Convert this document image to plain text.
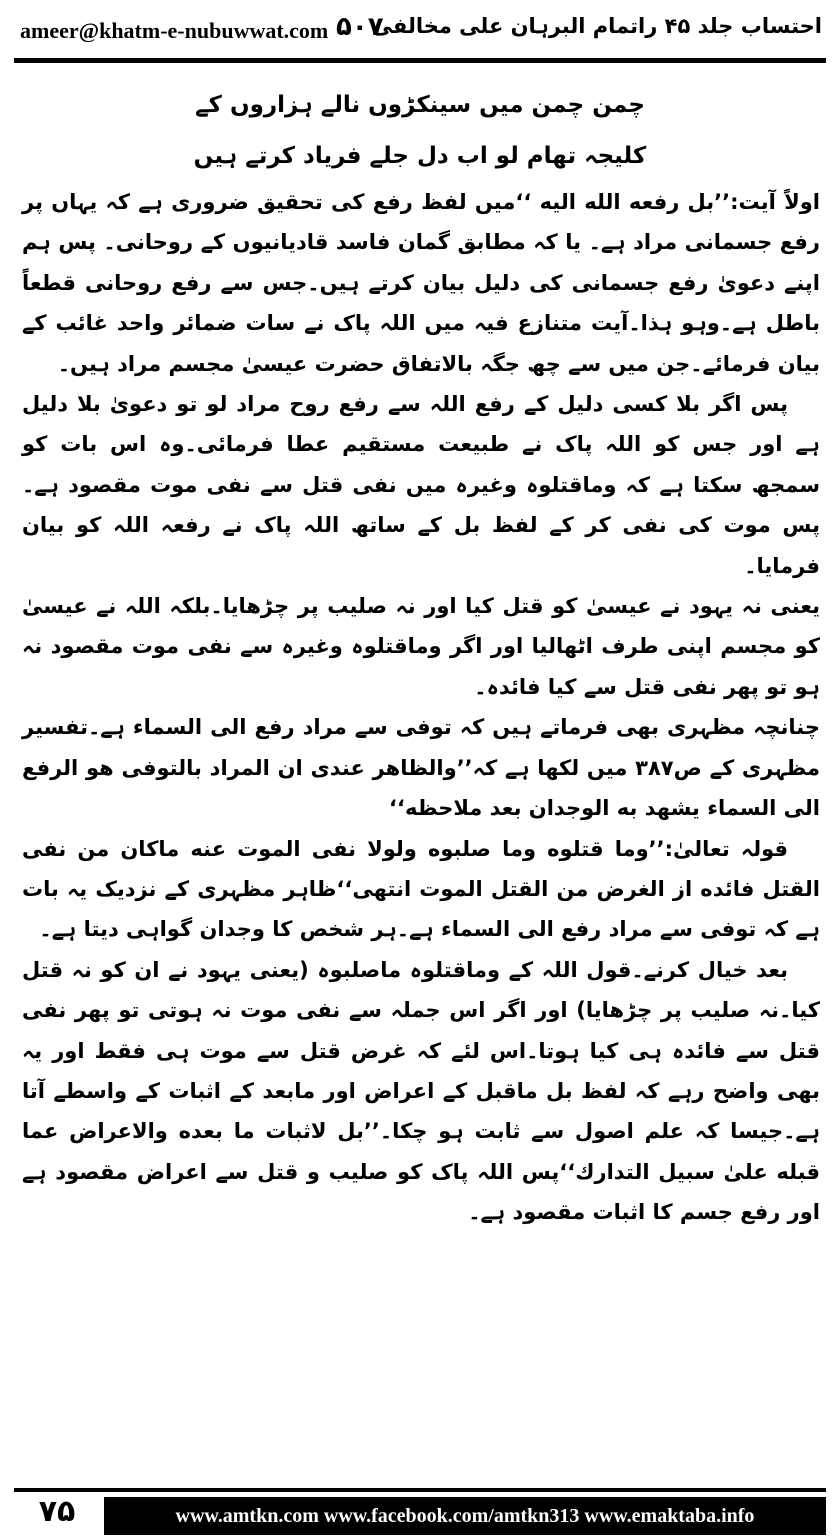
ameer@khatm-e-nubuwwat.com ۵۰۷
احتساب جلد ۴۵ راتمام البرہان علی مخالفی
چمن چمن میں سینکڑوں نالے ہزاروں کے
کلیجہ تھام لو اب دل جلے فریاد کرتے ہیں

اولاً آیت:’’بل رفعه الله اليه ‘‘میں لفظ رفع کی تحقیق ضروری ہے کہ یہاں پر رفع جسمانی مراد ہے۔ یا کہ مطابق گمان فاسد قادیانیوں کے روحانی۔ پس ہم اپنے دعویٰ رفع جسمانی کی دلیل بیان کرتے ہیں۔جس سے رفع روحانی قطعاً باطل ہے۔وہو ہذا۔آیت متنازع فیہ میں اللہ پاک نے سات ضمائر واحد غائب کے بیان فرمائے۔جن میں سے چھ جگہ بالاتفاق حضرت عیسیٰ مجسم مراد ہیں۔

پس اگر بلا کسی دلیل کے رفع اللہ سے رفع روح مراد لو تو دعویٰ بلا دلیل ہے اور جس کو اللہ پاک نے طبیعت مستقیم عطا فرمائی۔وہ اس بات کو سمجھ سکتا ہے کہ وماقتلوہ وغیرہ میں نفی قتل سے نفی موت مقصود ہے۔پس موت کی نفی کر کے لفظ بل کے ساتھ اللہ پاک نے رفعہ اللہ کو بیان فرمایا۔

یعنی نہ یہود نے عیسیٰ کو قتل کیا اور نہ صلیب پر چڑھایا۔بلکہ اللہ نے عیسیٰ کو مجسم اپنی طرف اٹھالیا اور اگر وماقتلوہ وغیرہ سے نفی موت مقصود نہ ہو تو پھر نفی قتل سے کیا فائدہ۔

چنانچہ مظہری بھی فرماتے ہیں کہ توفی سے مراد رفع الی السماء ہے۔تفسیر مظہری کے ص۳۸۷ میں لکھا ہے کہ’’والظاهر عندى ان المراد بالتوفى هو الرفع الى السماء يشهد به الوجدان بعد ملاحظه‘‘

قولہ تعالیٰ:’’وما قتلوه وما صلبوه ولولا نفى الموت عنه ماكان من نفى القتل فائده از الغرض من القتل الموت انتهى‘‘ظاہر مظہری کے نزدیک یہ بات ہے کہ توفی سے مراد رفع الی السماء ہے۔ہر شخص کا وجدان گواہی دیتا ہے۔

بعد خیال کرنے۔قول اللہ کے وماقتلوہ ماصلبوہ (یعنی یہود نے ان کو نہ قتل کیا۔نہ صلیب پر چڑھایا) اور اگر اس جملہ سے نفی موت نہ ہوتی تو پھر نفی قتل سے فائدہ ہی کیا ہوتا۔اس لئے کہ غرض قتل سے موت ہی فقط اور یہ بھی واضح رہے کہ لفظ بل ماقبل کے اعراض اور مابعد کے اثبات کے واسطے آتا ہے۔جیسا کہ علم اصول سے ثابت ہو چکا۔’’بل لاثبات ما بعده والاعراض عما قبله علىٰ سبيل التدارك‘‘پس اللہ پاک کو صلیب و قتل سے اعراض مقصود ہے اور رفع جسم کا اثبات مقصود ہے۔

۷۵	www.amtkn.com www.facebook.com/amtkn313 www.emaktaba.info
